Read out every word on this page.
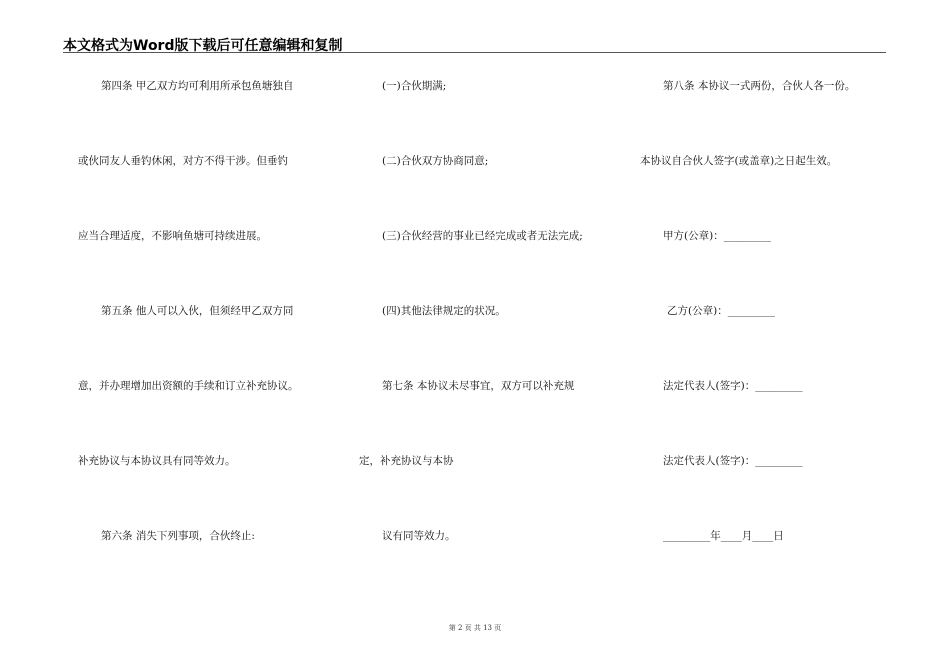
本文格式为Word版下载后可任意编辑和复制
第四条 甲乙双方均可利用所承包鱼塘独自
或伙同友人垂钓休闲，对方不得干涉。但垂钓
应当合理适度，不影响鱼塘可持续进展。
第五条 他人可以入伙，但须经甲乙双方同
意，并办理增加出资额的手续和订立补充协议。
补充协议与本协议具有同等效力。
第六条 消失下列事项，合伙终止:
(一)合伙期满;
(二)合伙双方协商同意;
(三)合伙经营的事业已经完成或者无法完成;
(四)其他法律规定的状况。
第七条 本协议未尽事宜，双方可以补充规
定，补充协议与本协
议有同等效力。
第八条 本协议一式两份，合伙人各一份。
本协议自合伙人签字(或盖章)之日起生效。
甲方(公章)：_________
乙方(公章)：_________
法定代表人(签字)：_________
法定代表人(签字)：_________
_________年____月____日
第 2 页 共 13 页
